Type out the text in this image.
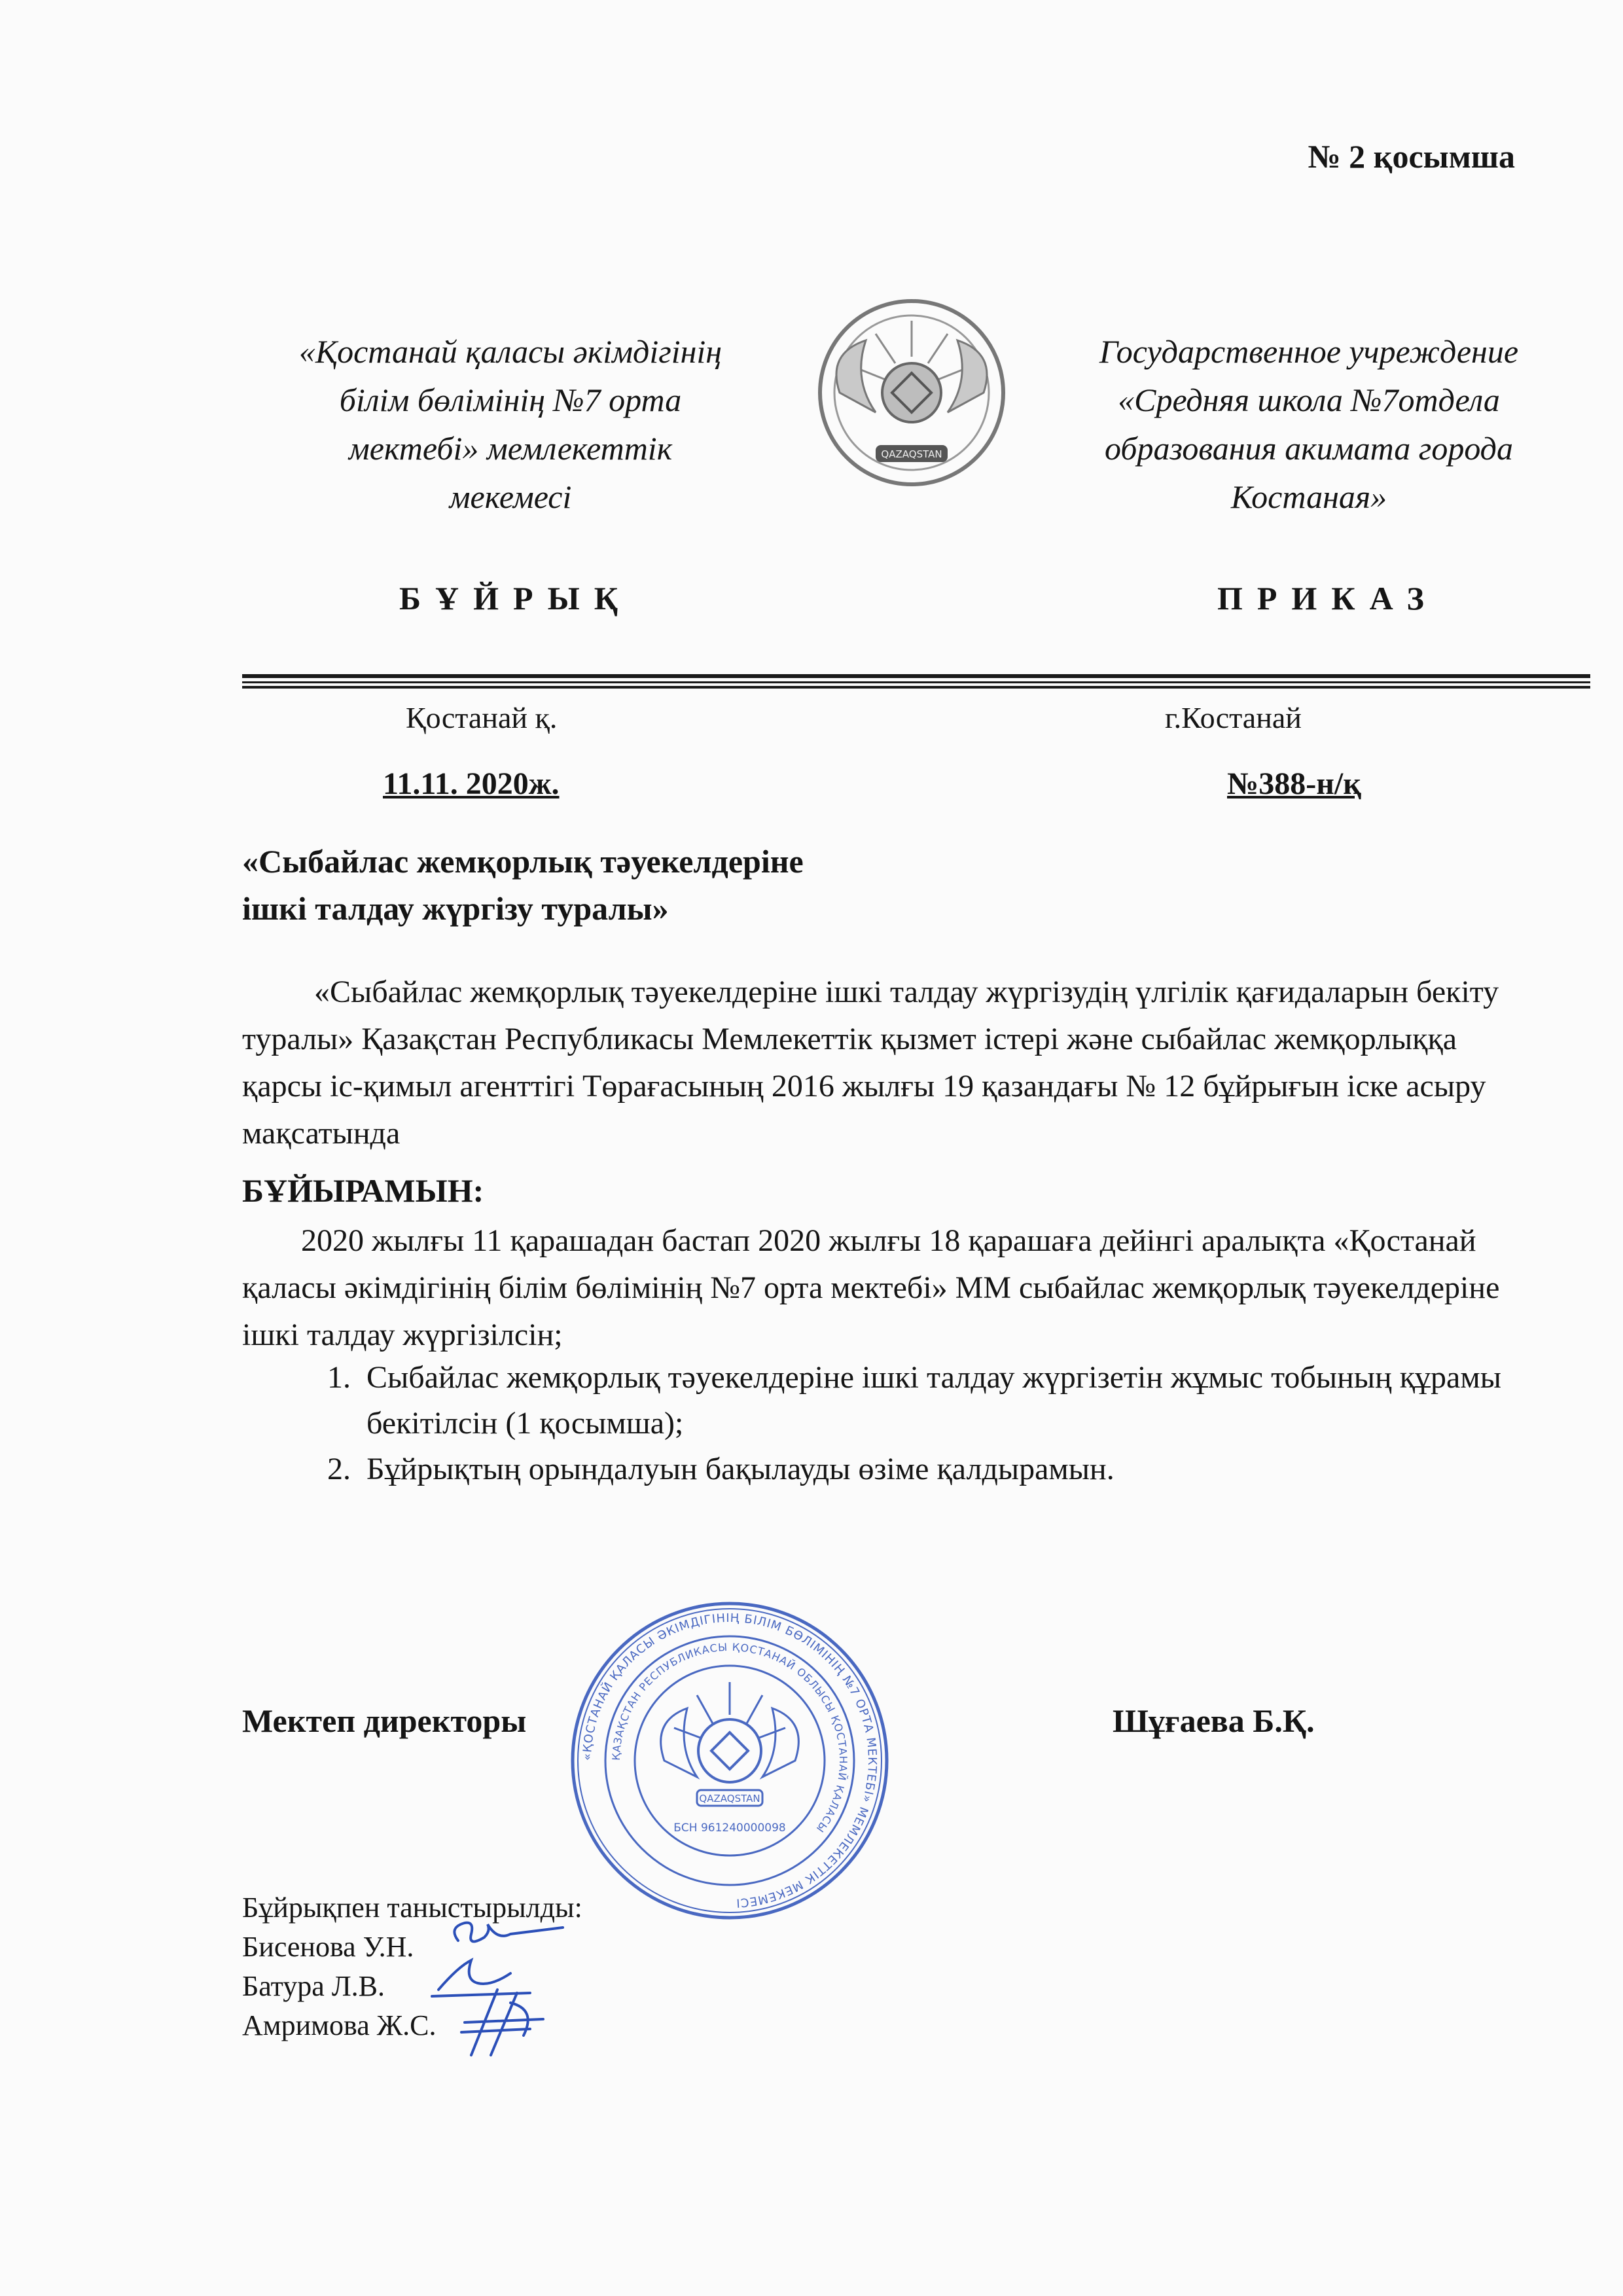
№ 2 қосымша
«Қостанай қаласы әкімдігінің
білім бөлімінің №7 орта
мектебі» мемлекеттік
мекемесі
QAZAQSTAN
Государственное учреждение
«Средняя школа №7отдела
образования акимата города
Костаная»
БҰЙРЫҚ	ПРИКАЗ
Қостанай қ.	г.Костанай
11.11. 2020ж.	№388-н/қ
«Сыбайлас жемқорлық тәуекелдеріне
ішкі талдау жүргізу туралы»
«Сыбайлас жемқорлық тәуекелдеріне ішкі талдау жүргізудің үлгілік қағидаларын бекіту туралы» Қазақстан Республикасы Мемлекеттік қызмет істері және сыбайлас жемқорлыққа қарсы іс-қимыл агенттігі Төрағасының 2016 жылғы 19 қазандағы № 12 бұйрығын іске асыру мақсатында
БҰЙЫРАМЫН:
2020 жылғы 11 қарашадан бастап 2020 жылғы 18 қарашаға дейінгі аралықта «Қостанай қаласы әкімдігінің білім бөлімінің №7 орта мектебі» ММ сыбайлас жемқорлық тәуекелдеріне ішкі талдау жүргізілсін;
1. Сыбайлас жемқорлық тәуекелдеріне ішкі талдау жүргізетін жұмыс тобының құрамы бекітілсін (1 қосымша);
2. Бұйрықтың орындалуын бақылауды өзіме қалдырамын.
Мектеп директоры	Шұғаева Б.Қ.
«ҚОСТАНАЙ ҚАЛАСЫ ӘКІМДІГІНІҢ БІЛІМ БӨЛІМІНІҢ №7 ОРТА МЕКТЕБІ» МЕМЛЕКЕТТІК МЕКЕМЕСІ
ҚАЗАҚСТАН РЕСПУБЛИКАСЫ ҚОСТАНАЙ ОБЛЫСЫ ҚОСТАНАЙ ҚАЛАСЫ
QAZAQSTAN
БСН 961240000098
Бұйрықпен таныстырылды:
Бисенова У.Н.
Батура Л.В.
Амримова Ж.С.
